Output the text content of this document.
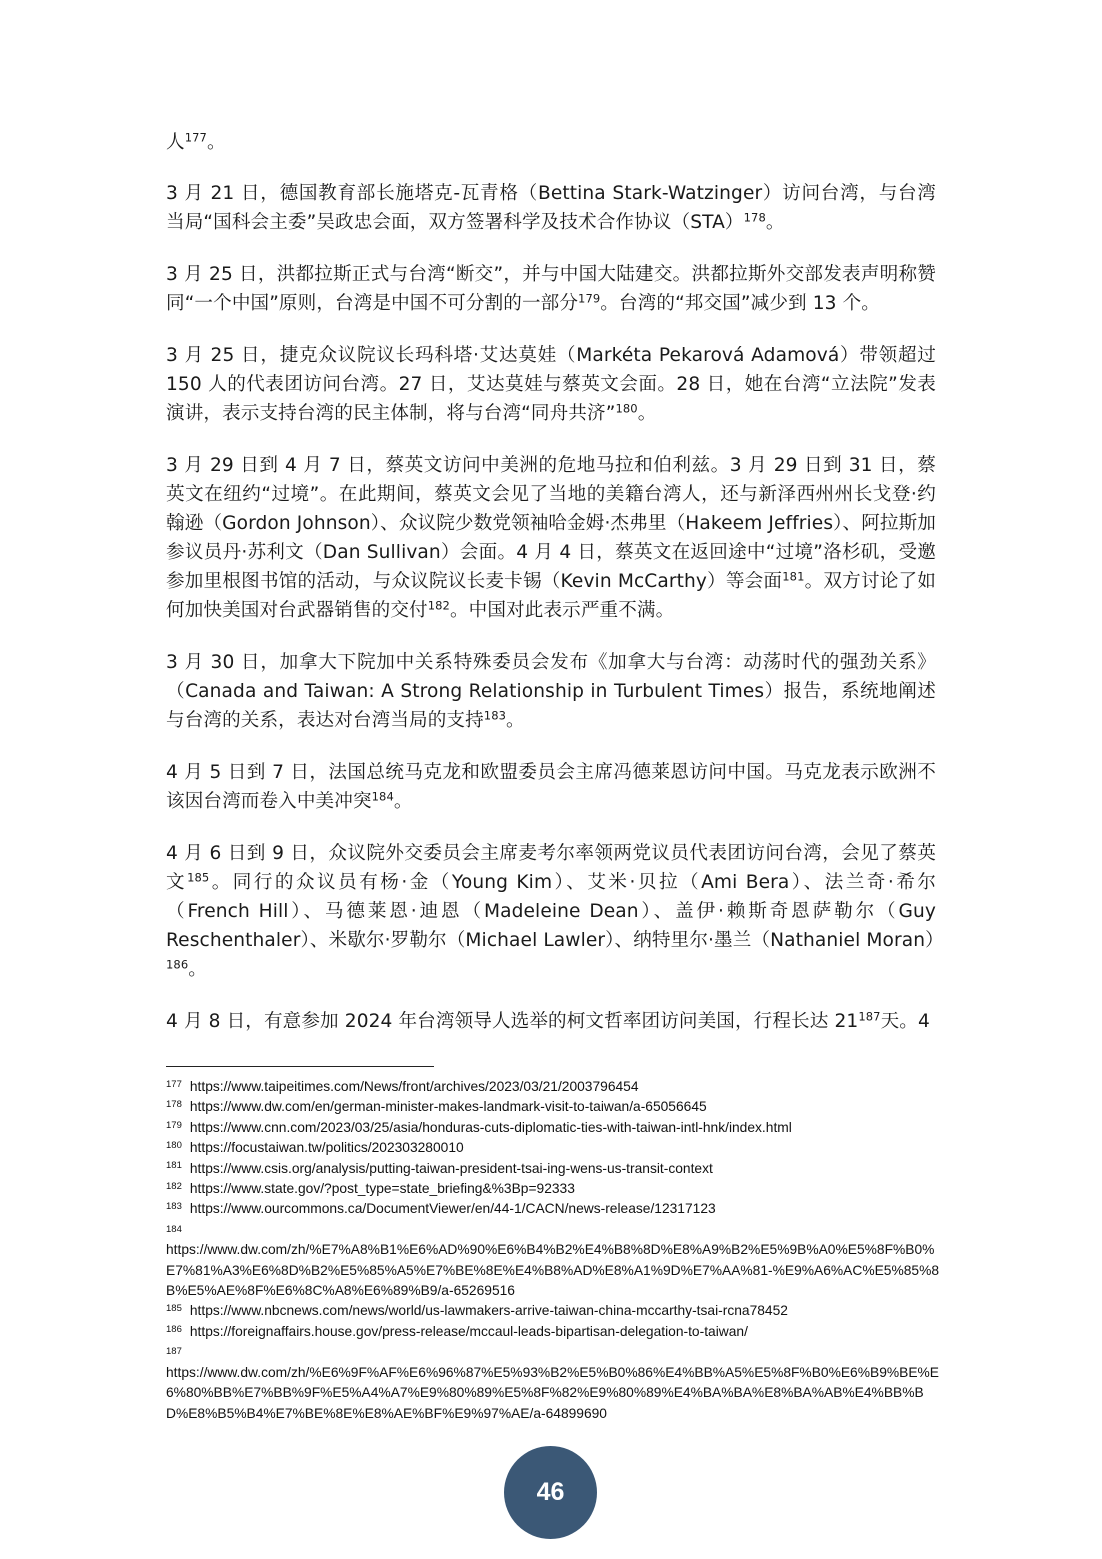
人$^{177}$。

3 月 21 日，德国教育部长施塔克-瓦青格（Bettina Stark-Watzinger）访问台湾，与台湾当局“国科会主委”吴政忠会面，双方签署科学及技术合作协议（STA）$^{178}$。

3 月 25 日，洪都拉斯正式与台湾“断交”，并与中国大陆建交。洪都拉斯外交部发表声明称赞同“一个中国”原则，台湾是中国不可分割的一部分$^{179}$。台湾的“邦交国”减少到 13 个。

3 月 25 日，捷克众议院议长玛科塔·艾达莫娃（Markéta Pekarová Adamová）带领超过 150 人的代表团访问台湾。27 日，艾达莫娃与蔡英文会面。28 日，她在台湾“立法院”发表演讲，表示支持台湾的民主体制，将与台湾“同舟共济”$^{180}$。

3 月 29 日到 4 月 7 日，蔡英文访问中美洲的危地马拉和伯利兹。3 月 29 日到 31 日，蔡英文在纽约“过境”。在此期间，蔡英文会见了当地的美籍台湾人，还与新泽西州州长戈登·约翰逊（Gordon Johnson）、众议院少数党领袖哈金姆·杰弗里（Hakeem Jeffries）、阿拉斯加参议员丹·苏利文（Dan Sullivan）会面。4 月 4 日，蔡英文在返回途中“过境”洛杉矶，受邀参加里根图书馆的活动，与众议院议长麦卡锡（Kevin McCarthy）等会面$^{181}$。双方讨论了如何加快美国对台武器销售的交付$^{182}$。中国对此表示严重不满。

3 月 30 日，加拿大下院加中关系特殊委员会发布《加拿大与台湾：动荡时代的强劲关系》（Canada and Taiwan: A Strong Relationship in Turbulent Times）报告，系统地阐述与台湾的关系，表达对台湾当局的支持$^{183}$。

4 月 5 日到 7 日，法国总统马克龙和欧盟委员会主席冯德莱恩访问中国。马克龙表示欧洲不该因台湾而卷入中美冲突$^{184}$。

4 月 6 日到 9 日，众议院外交委员会主席麦考尔率领两党议员代表团访问台湾，会见了蔡英文$^{185}$。同行的众议员有杨·金（Young Kim）、艾米·贝拉（Ami Bera）、法兰奇·希尔（French Hill）、马德莱恩·迪恩（Madeleine Dean）、盖伊·赖斯奇恩萨勒尔（Guy Reschenthaler）、米歇尔·罗勒尔（Michael Lawler）、纳特里尔·墨兰（Nathaniel Moran）$^{186}$。

4 月 8 日，有意参加 2024 年台湾领导人选举的柯文哲率团访问美国，行程长达 $21^{187}$天。4

$^{177}$ https://www.taipeitimes.com/News/front/archives/2023/03/21/2003796454

$^{178}$ https://www.dw.com/en/german-minister-makes-landmark-visit-to-taiwan/a-65056645

$^{179}$ https://www.cnn.com/2023/03/25/asia/honduras-cuts-diplomatic-ties-with-taiwan-intl-hnk/index.html

$^{180}$ https://focustaiwan.tw/politics/202303280010

$^{181}$ https://www.csis.org/analysis/putting-taiwan-president-tsai-ing-wens-us-transit-context

$^{182}$ https://www.state.gov/?post_type=state_briefing&%3Bp=92333

$^{183}$ https://www.ourcommons.ca/DocumentViewer/en/44-1/CACN/news-release/12317123

184
https://www.dw.com/zh/%E7%A8%B1%E6%AD%90%E6%B4%B2%E4%B8%8D%E8%A9%B2%E5%9B%A0%E5%8F%B0%E7%81%A3%E6%8D%B2%E5%85%A5%E7%BE%8E%E4%B8%AD%E8%A1%9D%E7%AA%81-%E9%A6%AC%E5%85%8B%E5%AE%8F%E6%8C%A8%E6%89%B9/a-65269516

$^{185}$ https://www.nbcnews.com/news/world/us-lawmakers-arrive-taiwan-china-mccarthy-tsai-rcna78452

$^{186}$ https://foreignaffairs.house.gov/press-release/mccaul-leads-bipartisan-delegation-to-taiwan/

187
https://www.dw.com/zh/%E6%9F%AF%E6%96%87%E5%93%B2%E5%B0%86%E4%BB%A5%E5%8F%B0%E6%B9%BE%E6%80%BB%E7%BB%9F%E5%A4%A7%E9%80%89%E5%8F%82%E9%80%89%E4%BA%BA%E8%BA%AB%E4%BB%BD%E8%B5%B4%E7%BE%8E%E8%AE%BF%E9%97%AE/a-64899690

46
